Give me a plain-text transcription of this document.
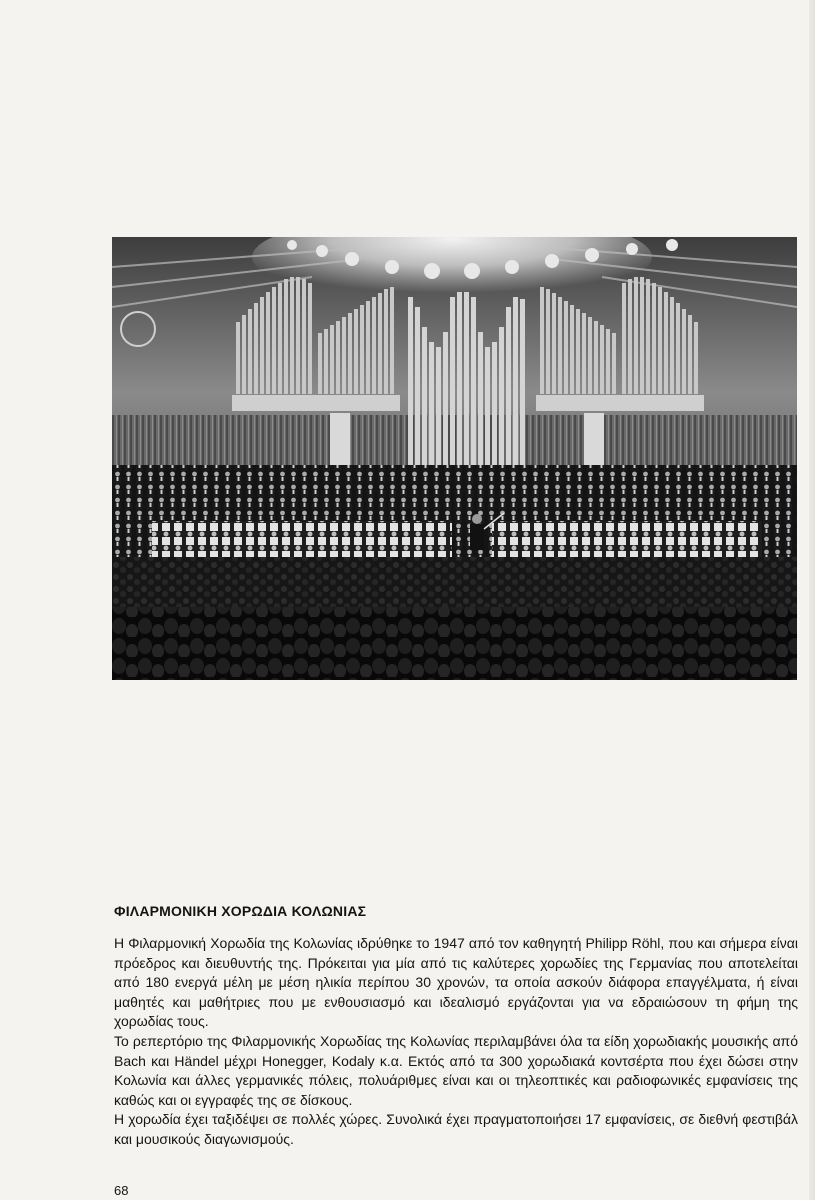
ΦΙΛΑΡΜΟΝΙΚΗ ΧΟΡΩΔΙΑ ΚΟΛΩΝΙΑΣ

Η Φιλαρμονική Χορωδία της Κολωνίας ιδρύθηκε το 1947 από τον καθηγητή Philipp Röhl, που και σήμερα είναι πρόεδρος και διευθυντής της. Πρόκειται για μία από τις καλύτερες χορωδίες της Γερμανίας που αποτελείται από 180 ενεργά μέλη με μέση ηλικία περίπου 30 χρονών, τα οποία ασκούν διάφορα επαγγέλματα, ή είναι μαθητές και μαθήτριες που με ενθουσιασμό και ιδεαλισμό εργάζονται για να εδραιώσουν τη φήμη της χορωδίας τους.

Το ρεπερτόριο της Φιλαρμονικής Χορωδίας της Κολωνίας περιλαμβάνει όλα τα είδη χορωδιακής μουσικής από Bach και Händel μέχρι Honegger, Kodaly κ.α. Εκτός από τα 300 χορωδιακά κοντσέρτα που έχει δώσει στην Κολωνία και άλλες γερμανικές πόλεις, πολυάριθμες είναι και οι τηλεοπτικές και ραδιοφωνικές εμφανίσεις της καθώς και οι εγγραφές της σε δίσκους.

Η χορωδία έχει ταξιδέψει σε πολλές χώρες. Συνολικά έχει πραγματοποιήσει 17 εμφανίσεις, σε διεθνή φεστιβάλ και μουσικούς διαγωνισμούς.

68
